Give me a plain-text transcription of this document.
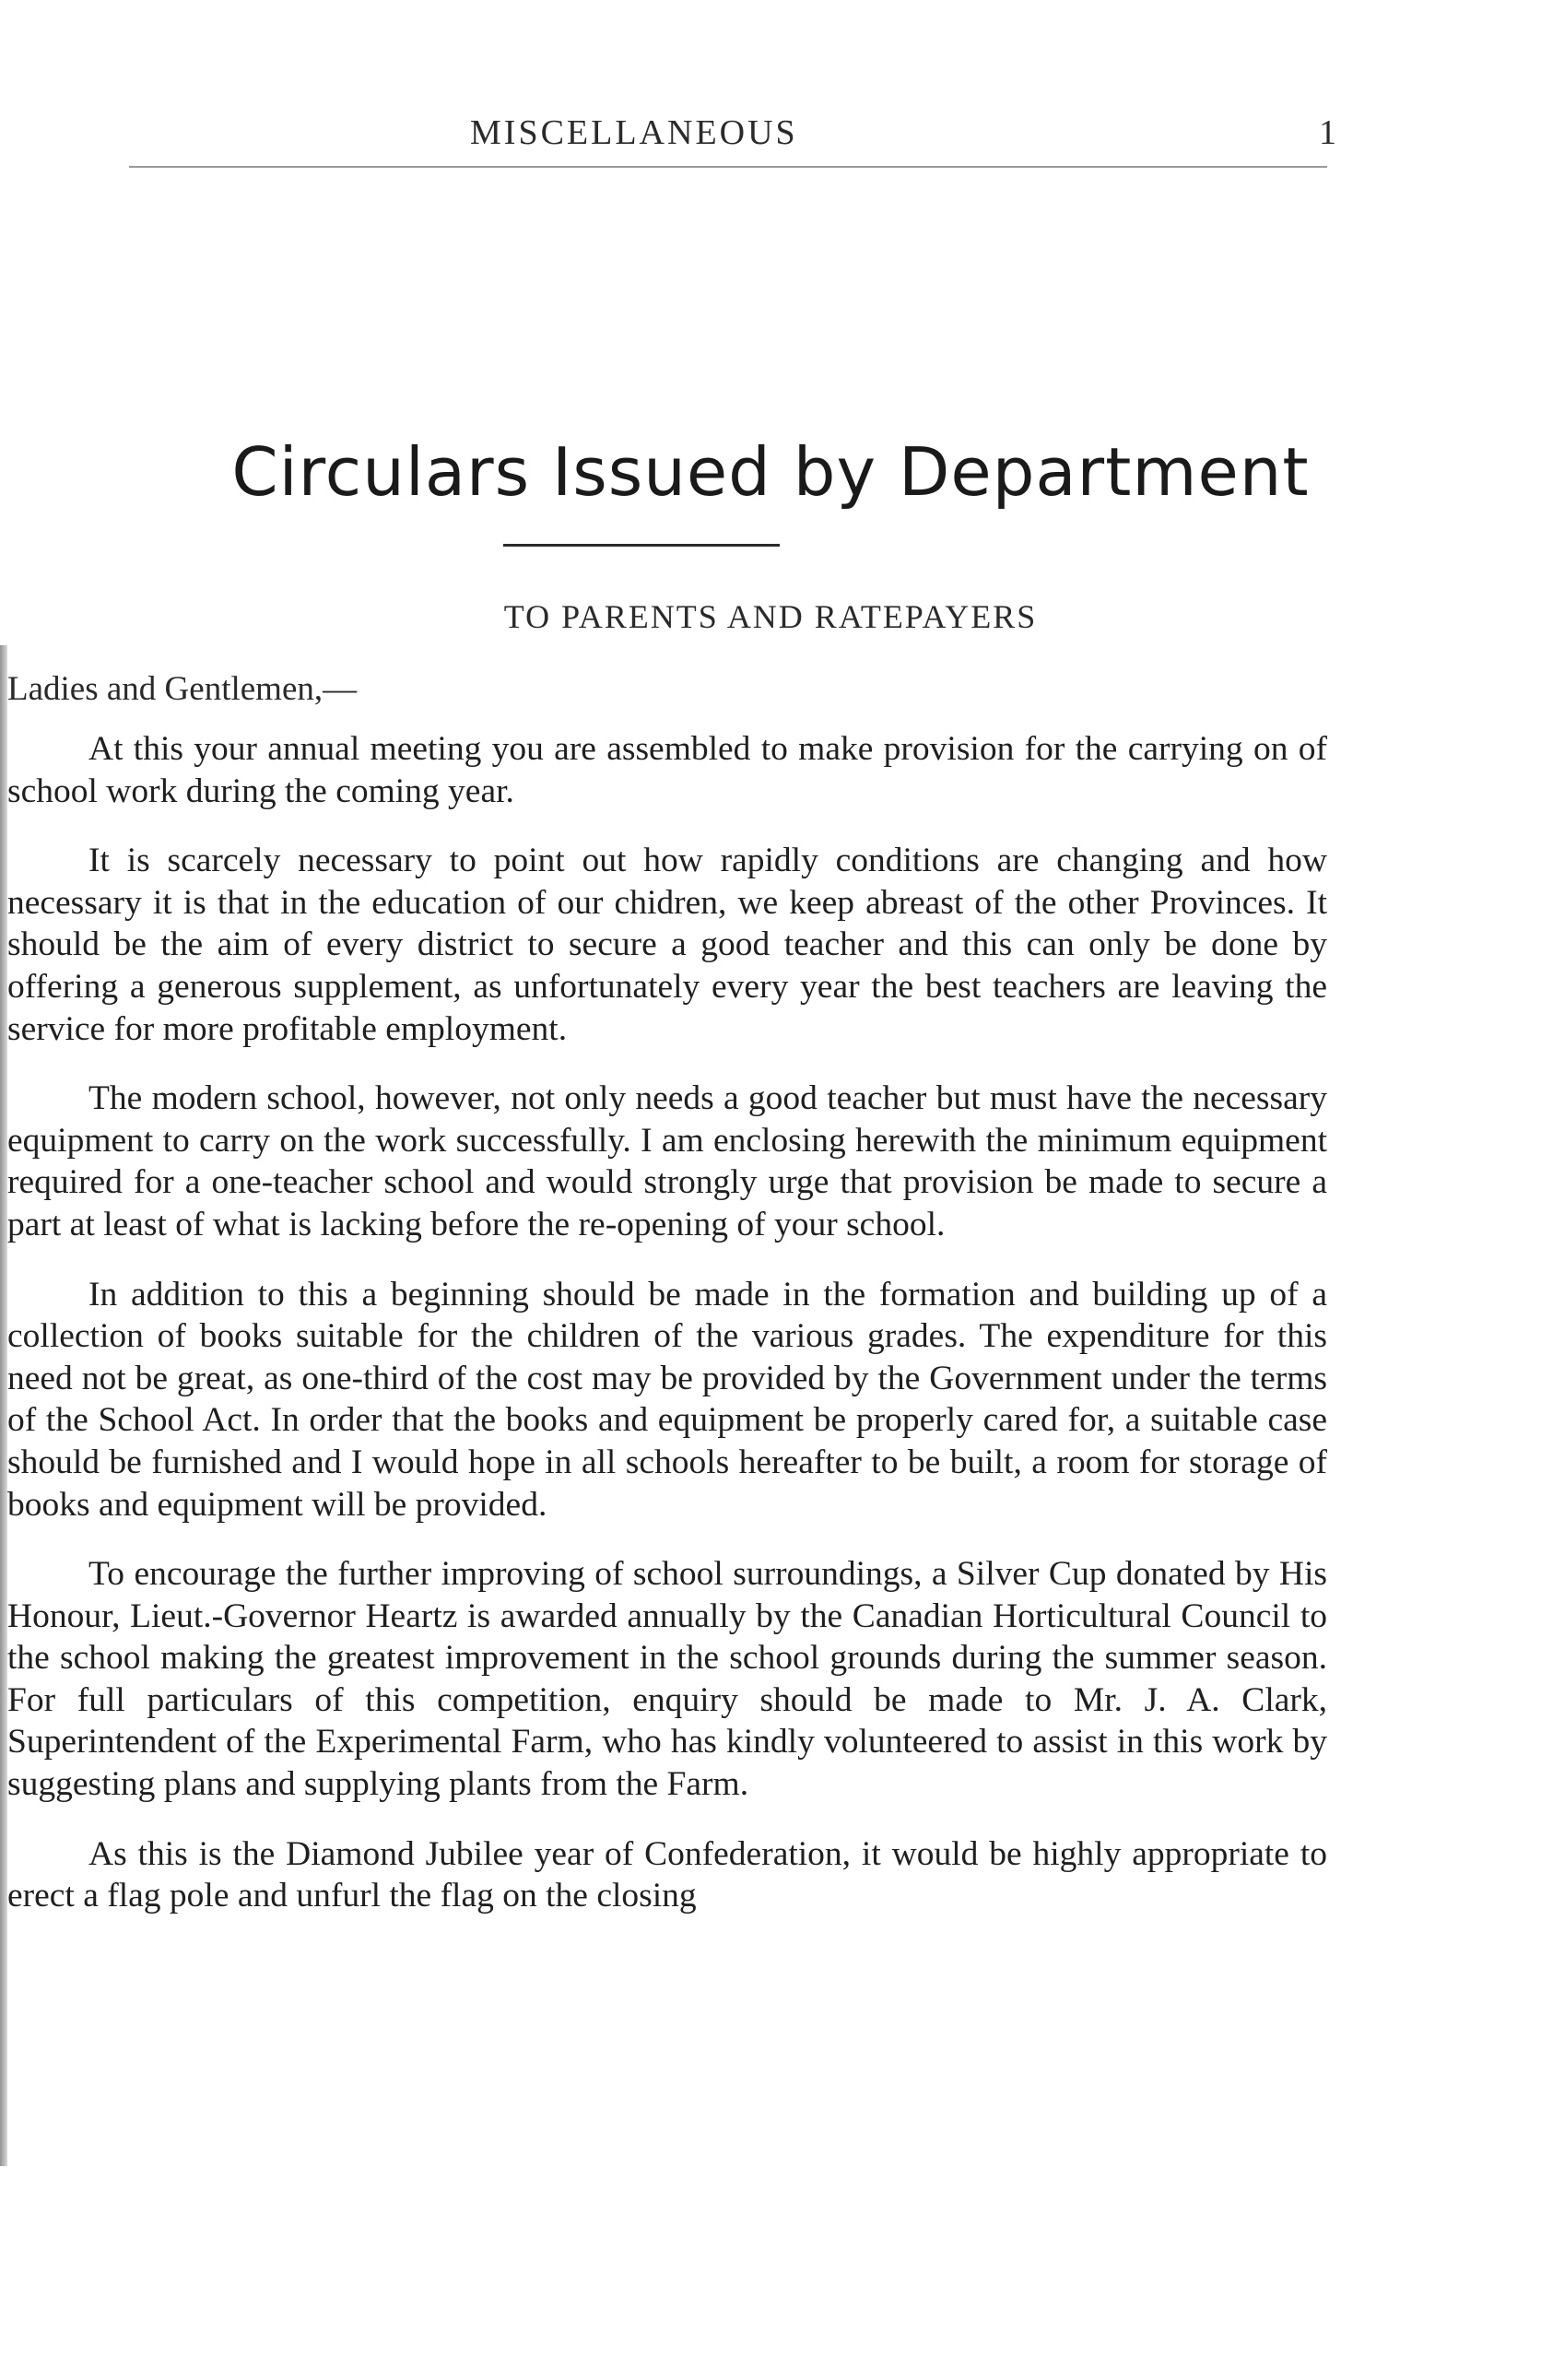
MISCELLANEOUS	1
Circulars Issued by Department
TO PARENTS AND RATEPAYERS
Ladies and Gentlemen,—

At this your annual meeting you are assembled to make provision for the carrying on of school work during the coming year.

It is scarcely necessary to point out how rapidly conditions are changing and how necessary it is that in the education of our chidren, we keep abreast of the other Provinces. It should be the aim of every district to secure a good teacher and this can only be done by offering a generous supplement, as unfortunately every year the best teachers are leaving the service for more profitable employment.

The modern school, however, not only needs a good teacher but must have the necessary equipment to carry on the work successfully. I am enclosing herewith the minimum equipment required for a one-teacher school and would strongly urge that provision be made to secure a part at least of what is lacking before the re-opening of your school.

In addition to this a beginning should be made in the formation and building up of a collection of books suitable for the children of the various grades. The expenditure for this need not be great, as one-third of the cost may be provided by the Government under the terms of the School Act. In order that the books and equipment be properly cared for, a suitable case should be furnished and I would hope in all schools hereafter to be built, a room for storage of books and equipment will be provided.

To encourage the further improving of school surroundings, a Silver Cup donated by His Honour, Lieut.-Governor Heartz is awarded annually by the Canadian Horticultural Council to the school making the greatest improvement in the school grounds during the summer season. For full particulars of this competition, enquiry should be made to Mr. J. A. Clark, Superintendent of the Experimental Farm, who has kindly volunteered to assist in this work by suggesting plans and supplying plants from the Farm.

As this is the Diamond Jubilee year of Confederation, it would be highly appropriate to erect a flag pole and unfurl the flag on the closing
